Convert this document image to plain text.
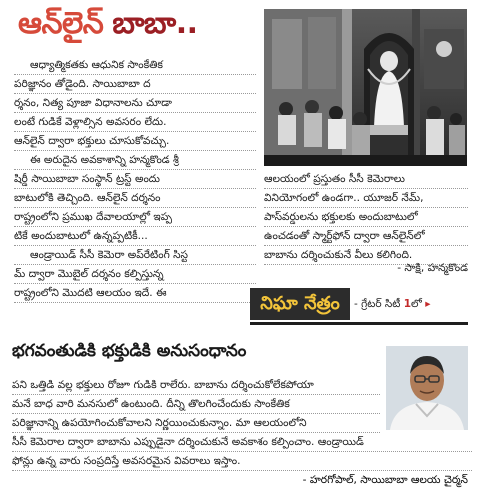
ఆన్‌లైన్ బాబా..
ఆధ్యాత్మికతకు ఆధునిక సాంకేతిక
పరిజ్ఞానం తోడైంది. సాయిబాబా ద
ర్శనం, నిత్య పూజా విధానాలను చూడా
లంటే గుడికే వెళ్లాల్సిన అవసరం లేదు.
ఆన్‌లైన్ ద్వారా భక్తులు చూసుకోవచ్చు.
ఈ అరుదైన అవకాశాన్ని హన్మకొండ శ్రీ
షిర్డీ సాయిబాబా సంస్థాన్ ట్రస్ట్ అందు
బాటులోకి తెచ్చింది. ఆన్‌లైన్ దర్శనం
రాష్ట్రంలోని ప్రముఖ దేవాలయాల్లో ఇప్ప
టికే అందుబాటులో ఉన్నప్పటికీ...
ఆండ్రాయిడ్ సీసీ కెమెరా అప్‌రేటింగ్ సిస్ట
మ్ ద్వారా మొబైల్ దర్శనం కల్పిస్తున్న
రాష్ట్రంలోని మొదటి ఆలయం ఇదే. ఈ
ఆలయంలో ప్రస్తుతం సీసీ కెమెరాలు
వినియోగంలో ఉండగా.. యూజర్ నేమ్,
పాస్‌వర్డులను భక్తులకు అందుబాటులో
ఉంచడంతో స్మార్ట్‌ఫోన్ ద్వారా ఆన్‌లైన్‌లో
బాబాను దర్శించుకునే వీలు కలిగింది.
- సాక్షి, హన్మకొండ
నిఘా నేత్రం	- గ్రేటర్ సిటీ 1లో ▸
భగవంతుడికి భక్తుడికి అనుసంధానం
పని ఒత్తిడి వల్ల భక్తులు రోజూ గుడికి రాలేరు. బాబాను దర్శించుకోలేకపోయా
మనే బాధ వారి మనసులో ఉంటుంది. దీన్ని తొలగించేందుకు సాంకేతిక
పరిజ్ఞానాన్ని ఉపయోగించుకోవాలని నిర్ణయించుకున్నాం. మా ఆలయంలోని
సీసీ కెమెరాల ద్వారా బాబాను ఎప్పుడైనా దర్శించుకునే అవకాశం కల్పించాం. ఆండ్రాయిడ్
ఫోన్లు ఉన్న వారు సంప్రదిస్తే అవసరమైన వివరాలు ఇస్తాం.
- హరగోపాల్, సాయిబాబా ఆలయ చైర్మన్
